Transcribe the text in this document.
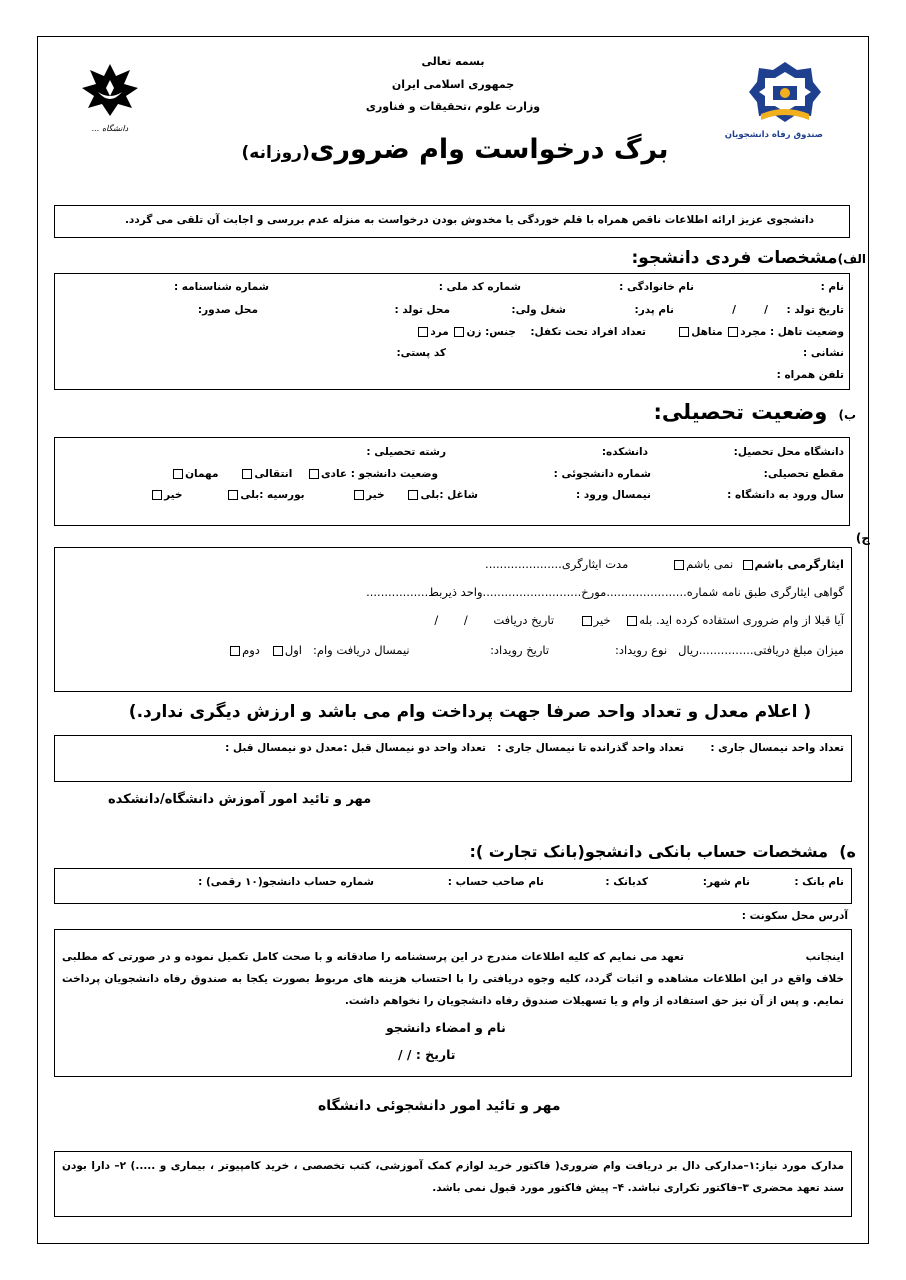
دانشگاه ...
صندوق رفاه دانشجویان
بسمه تعالی
جمهوری اسلامی ایران
وزارت علوم ،تحقیقات و فناوری
برگ درخواست وام ضروری(روزانه)
دانشجوی عزیز ارائه اطلاعات ناقص همراه با قلم خوردگی یا مخدوش بودن درخواست به منزله عدم بررسی و اجابت آن تلقی می گردد.
الف)مشخصات فردی دانشجو:
نام :
نام خانوادگی :
شماره کد ملی :
شماره شناسنامه :
تاریخ تولد :
/
/
نام پدر:
شغل ولی:
محل تولد :
محل صدور:
وضعیت تاهل : مجرد متاهل
تعداد افراد تحت تکفل:
جنس: زن مرد
نشانی :
کد پستی:
تلفن همراه :
ب)  وضعیت تحصیلی:
دانشگاه محل تحصیل:
دانشکده:
رشته تحصیلی :
مقطع تحصیلی:
شماره دانشجوئی :
وضعیت دانشجو : عادی    انتقالی      مهمان
سال ورود به دانشگاه :
نیمسال ورود :
شاغل :بلی      خیر             بورسیه :بلی            خیر
ج)
ایثارگرمی باشم  نمی باشم            مدت ایثارگری.....................
گواهی ایثارگری طبق نامه شماره......................مورخ...........................واحد ذیربط.................
آیا قبلا از وام ضروری استفاده کرده اید. بله    خیر       تاریخ دریافت       /       /
میزان مبلغ دریافتی...............ریال   نوع رویداد:                  تاریخ رویداد:                      نیمسال دریافت وام:   اول   دوم
( اعلام معدل و تعداد واحد صرفا جهت پرداخت وام می باشد و ارزش دیگری ندارد.)
تعداد واحد نیمسال جاری :
تعداد واحد گذرانده تا نیمسال جاری :
تعداد واحد دو نیمسال قبل :
معدل دو نیمسال قبل :
مهر و تائید امور آموزش دانشگاه/دانشکده
ه)  مشخصات حساب بانکی دانشجو(بانک تجارت ):
نام بانک :
نام شهر:
کدبانک :
نام صاحب حساب :
شماره حساب دانشجو(۱۰ رقمی) :
آدرس محل سکونت :
اینجانب                                تعهد می نمایم که کلیه اطلاعات مندرج در این پرسشنامه را صادقانه و با صحت کامل تکمیل نموده و در صورتی که مطلبی خلاف واقع در این اطلاعات مشاهده و اثبات گردد، کلیه وجوه دریافتی را با احتساب هزینه های مربوط بصورت یکجا به صندوق رفاه دانشجویان پرداخت نمایم. و پس از آن نیز حق استفاده از وام و یا تسهیلات صندوق رفاه دانشجویان را نخواهم داشت.
نام و امضاء دانشجو
تاریخ : / /
مهر و تائید امور دانشجوئی دانشگاه
مدارک مورد نیاز:۱–مدارکی دال بر دریافت وام ضروری( فاکتور خرید لوازم کمک آموزشی، کتب تخصصی ، خرید کامپیوتر ، بیماری و .....) ۲– دارا بودن سند تعهد محضری ۳–فاکتور تکراری نباشد. ۴– پیش فاکتور مورد قبول نمی باشد.
